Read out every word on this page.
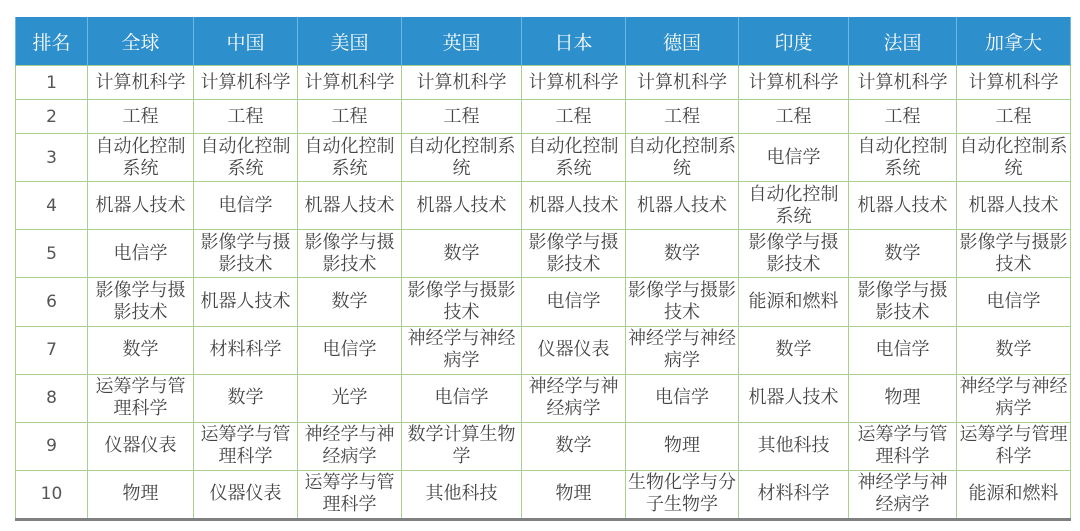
排名	全球	中国	美国	英国	日本	德国	印度	法国	加拿大
1	计算机科学	计算机科学	计算机科学	计算机科学	计算机科学	计算机科学	计算机科学	计算机科学	计算机科学
2	工程	工程	工程	工程	工程	工程	工程	工程	工程
3	自动化控制系统	自动化控制系统	自动化控制系统	自动化控制系统	自动化控制系统	自动化控制系统	电信学	自动化控制系统	自动化控制系统
4	机器人技术	电信学	机器人技术	机器人技术	机器人技术	机器人技术	自动化控制系统	机器人技术	机器人技术
5	电信学	影像学与摄影技术	影像学与摄影技术	数学	影像学与摄影技术	数学	影像学与摄影技术	数学	影像学与摄影技术
6	影像学与摄影技术	机器人技术	数学	影像学与摄影技术	电信学	影像学与摄影技术	能源和燃料	影像学与摄影技术	电信学
7	数学	材料科学	电信学	神经学与神经病学	仪器仪表	神经学与神经病学	数学	电信学	数学
8	运筹学与管理科学	数学	光学	电信学	神经学与神经病学	电信学	机器人技术	物理	神经学与神经病学
9	仪器仪表	运筹学与管理科学	神经学与神经病学	数学计算生物学	数学	物理	其他科技	运筹学与管理科学	运筹学与管理科学
10	物理	仪器仪表	运筹学与管理科学	其他科技	物理	生物化学与分子生物学	材料科学	神经学与神经病学	能源和燃料
